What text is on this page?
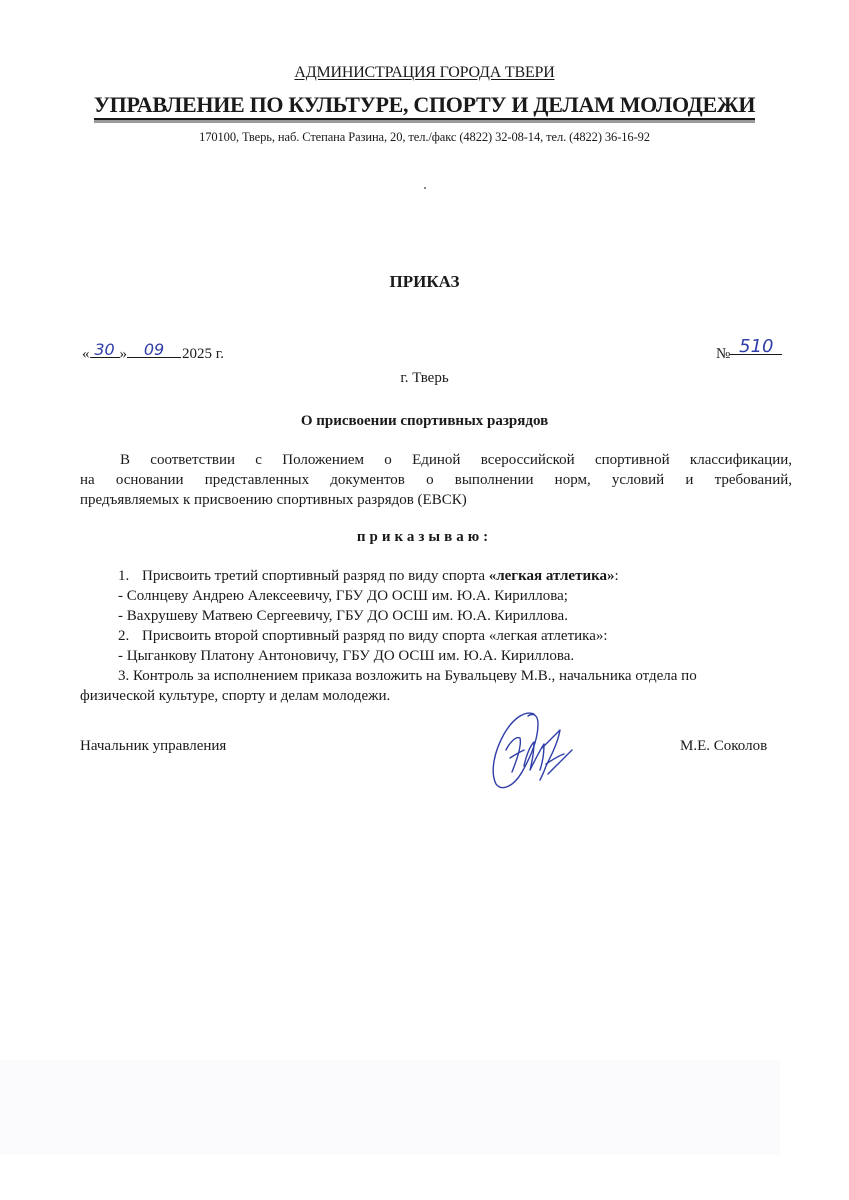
АДМИНИСТРАЦИЯ ГОРОДА ТВЕРИ
УПРАВЛЕНИЕ ПО КУЛЬТУРЕ, СПОРТУ И ДЕЛАМ МОЛОДЕЖИ
170100, Тверь, наб. Степана Разина, 20, тел./факс (4822) 32-08-14, тел. (4822) 36-16-92
ПРИКАЗ
« 30 » 09 2025 г.	№ 510
г. Тверь
О присвоении спортивных разрядов
В соответствии с Положением о Единой всероссийской спортивной классификации,
на основании представленных документов о выполнении норм, условий и требований,
предъявляемых к присвоению спортивных разрядов (ЕВСК)
приказываю:
1. Присвоить третий спортивный разряд по виду спорта «легкая атлетика»:
- Солнцеву Андрею Алексеевичу, ГБУ ДО ОСШ им. Ю.А. Кириллова;
- Вахрушеву Матвею Сергеевичу, ГБУ ДО ОСШ им. Ю.А. Кириллова.
2. Присвоить второй спортивный разряд по виду спорта «легкая атлетика»:
- Цыганкову Платону Антоновичу, ГБУ ДО ОСШ им. Ю.А. Кириллова.
3. Контроль за исполнением приказа возложить на Бувальцеву М.В., начальника отдела по
физической культуре, спорту и делам молодежи.
Начальник управления	М.Е. Соколов
